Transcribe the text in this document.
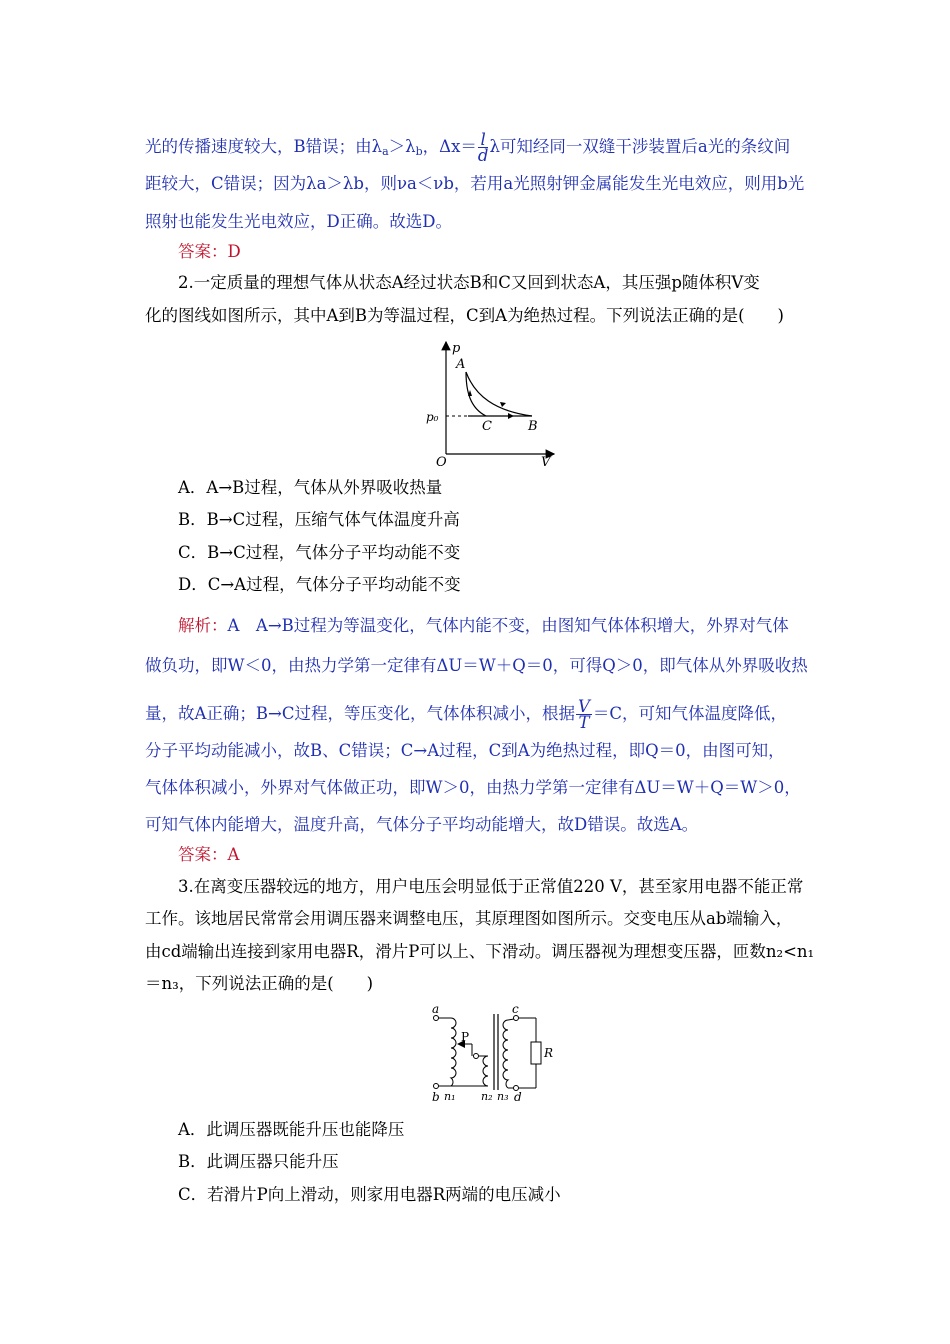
光的传播速度较大，B错误；由$\lambda_a>\lambda_b$，$\Delta x= \frac{l}{d}$ λ可知经同一双缝干涉装置后a光的条纹间
距较大，C错误；因为λa＞λb，则νa＜νb，若用a光照射钾金属能发生光电效应，则用b光
照射也能发生光电效应，D正确。故选D。
答案：D
2.一定质量的理想气体从状态A经过状态B和C又回到状态A，其压强p随体积V变
化的图线如图所示，其中A到B为等温过程，C到A为绝热过程。下列说法正确的是(　　)
p
V
O
p₀
A
B
C
A．A→B过程，气体从外界吸收热量
B．B→C过程，压缩气体气体温度升高
C．B→C过程，气体分子平均动能不变
D．C→A过程，气体分子平均动能不变
解析：A　A→B过程为等温变化，气体内能不变，由图知气体体积增大，外界对气体
做负功，即W＜0，由热力学第一定律有ΔU＝W＋Q＝0，可得Q＞0，即气体从外界吸收热
量，故A正确；B→C过程，等压变化，气体体积减小，根据 $\frac{V}{T} =C$，可知气体温度降低，
分子平均动能减小，故B、C错误；C→A过程，C到A为绝热过程，即Q＝0，由图可知，
气体体积减小，外界对气体做正功，即W＞0，由热力学第一定律有ΔU＝W＋Q＝W＞0，
可知气体内能增大，温度升高，气体分子平均动能增大，故D错误。故选A。
答案：A
3.在离变压器较远的地方，用户电压会明显低于正常值220 V，甚至家用电器不能正常
工作。该地居民常常会用调压器来调整电压，其原理图如图所示。交变电压从ab端输入，
由cd端输出连接到家用电器R，滑片P可以上、下滑动。调压器视为理想变压器，匝数n₂<n₁
＝n₃，下列说法正确的是(　　)
a
b
c
d
P
R
n₁ n₂ n₃
A．此调压器既能升压也能降压
B．此调压器只能升压
C．若滑片P向上滑动，则家用电器R两端的电压减小
